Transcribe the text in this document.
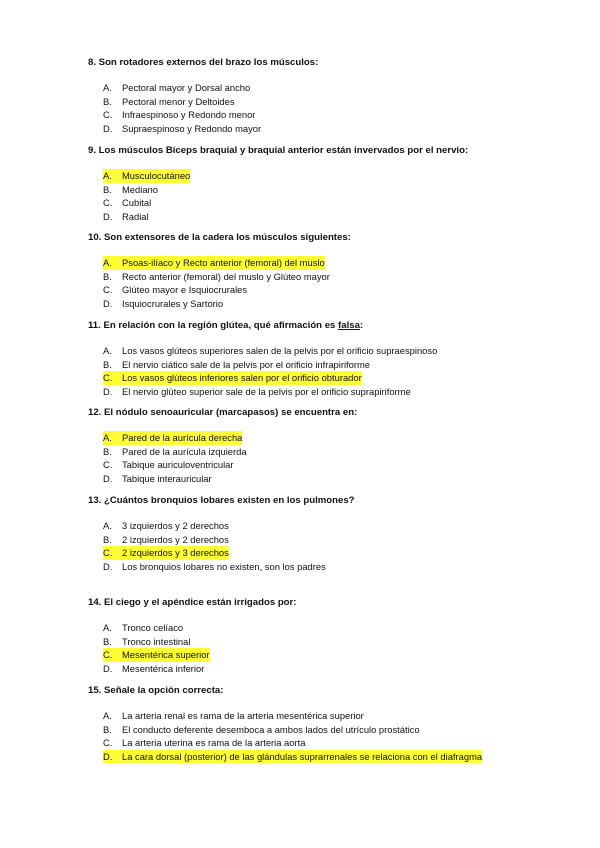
8. Son rotadores externos del brazo los músculos:

A.	Pectoral mayor y Dorsal ancho
B.	Pectoral menor y Deltoides
C.	Infraespinoso y Redondo menor
D.	Supraespinoso y Redondo mayor

9. Los músculos Bíceps braquial y braquial anterior están invervados por el nervio:

A.	Musculocutáneo
B.	Mediano
C.	Cubital
D.	Radial

10. Son extensores de la cadera los músculos siguientes:

A.	Psoas-ilíaco y Recto anterior (femoral) del muslo
B.	Recto anterior (femoral) del muslo y Glúteo mayor
C.	Glúteo mayor e Isquiocrurales
D.	Isquiocrurales y Sartorio

11. En relación con la región glútea, qué afirmación es falsa:

A.	Los vasos glúteos superiores salen de la pelvis por el orificio supraespinoso
B.	El nervio ciático sale de la pelvis por el orificio infrapiriforme
C.	Los vasos glúteos inferiores salen por el orificio obturador
D.	El nervio glúteo superior sale de la pelvis por el orificio suprapiriforme

12. El nódulo senoauricular (marcapasos) se encuentra en:

A.	Pared de la aurícula derecha
B.	Pared de la aurícula izquierda
C.	Tabique auriculoventricular
D.	Tabique interauricular

13. ¿Cuántos bronquios lobares existen en los pulmones?

A.	3 izquierdos y 2 derechos
B.	2 izquierdos y 2 derechos
C.	2 izquierdos y 3 derechos
D.	Los bronquios lobares no existen, son los padres

14. El ciego y el apéndice están irrigados por:

A.	Tronco celíaco
B.	Tronco intestinal
C.	Mesentérica superior
D.	Mesentérica inferior

15. Señale la opción correcta:

A.	La arteria renal es rama de la arteria mesentérica superior
B.	El conducto deferente desemboca a ambos lados del utrículo prostático
C.	La arteria uterina es rama de la arteria aorta
D.	La cara dorsal (posterior) de las glándulas suprarrenales se relaciona con el diafragma
